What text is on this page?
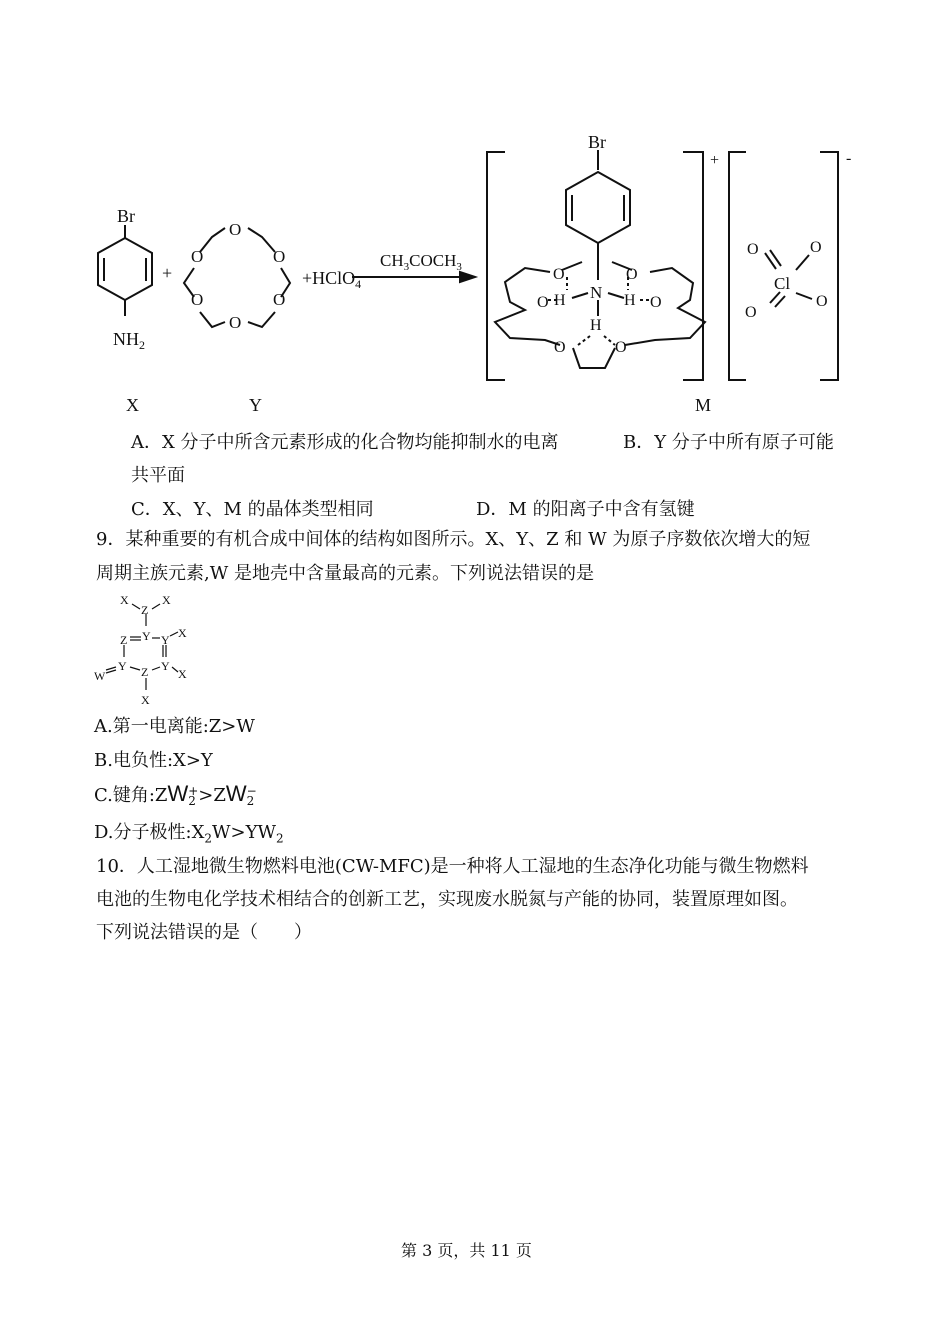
Br
$NH_2$
+	+HClO$_4$
O
O	O
O	O
O
$CH_3COCH_3$
Br
N
H	H
H
O	O
O	O
O	O
+
Cl
O	O
O
O
-
X	Y	M
A．X 分子中所含元素形成的化合物均能抑制水的电离	B．Y 分子中所有原子可能
共平面
C．X、Y、M 的晶体类型相同	D．M 的阳离子中含有氢键
9．某种重要的有机合成中间体的结构如图所示。X、Y、Z 和 W 为原子序数依次增大的短
周期主族元素,W 是地壳中含量最高的元素。下列说法错误的是
X
Z
X
Z Y Y X
W
Y Z Y
X
X
A.第一电离能:Z>W
B.电负性:X>Y
C.键角:ZW +
2 >ZW −
2
D.分子极性$:X_2W>YW_2$
10．人工湿地微生物燃料电池(CW-MFC)是一种将人工湿地的生态净化功能与微生物燃料
电池的生物电化学技术相结合的创新工艺，实现废水脱氮与产能的协同，装置原理如图。
下列说法错误的是（　　）
第 3 页，共 11 页
